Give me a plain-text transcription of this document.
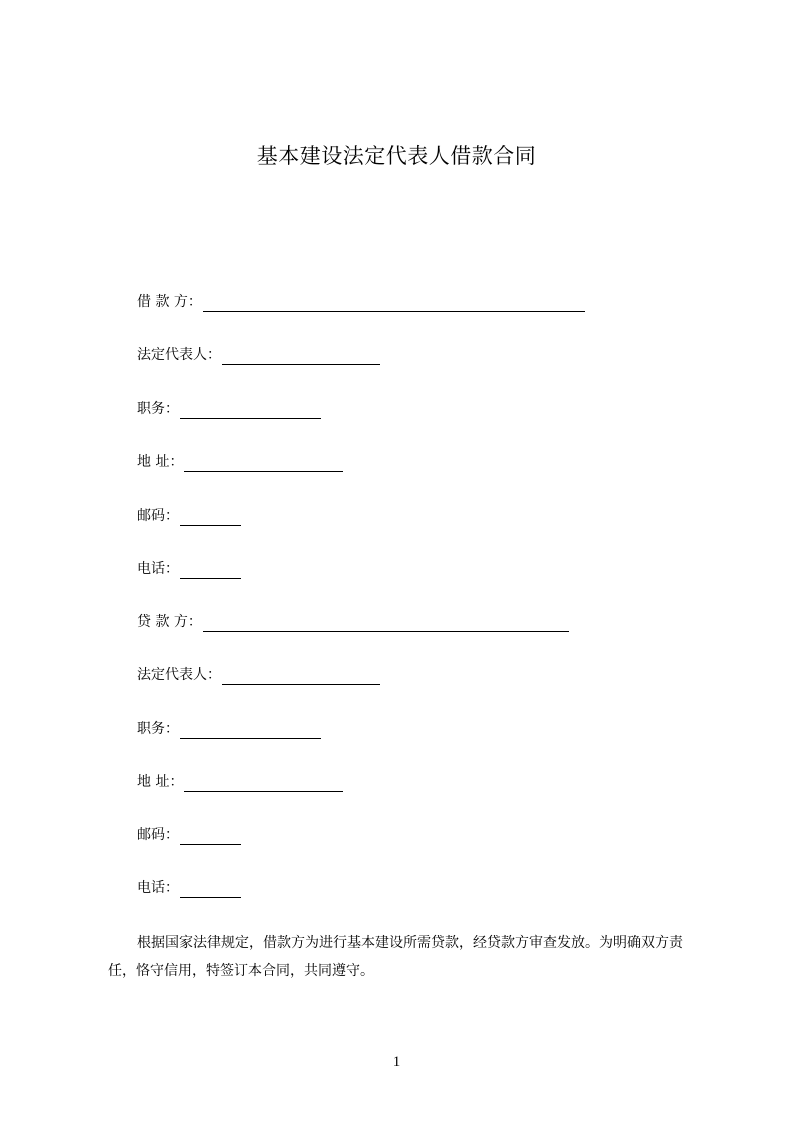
基本建设法定代表人借款合同
借 款 方：
法定代表人：
职务：
地 址：
邮码：
电话：
贷 款 方：
法定代表人：
职务：
地 址：
邮码：
电话：
根据国家法律规定，借款方为进行基本建设所需贷款，经贷款方审查发放。为明确双方责任，恪守信用，特签订本合同，共同遵守。
1
